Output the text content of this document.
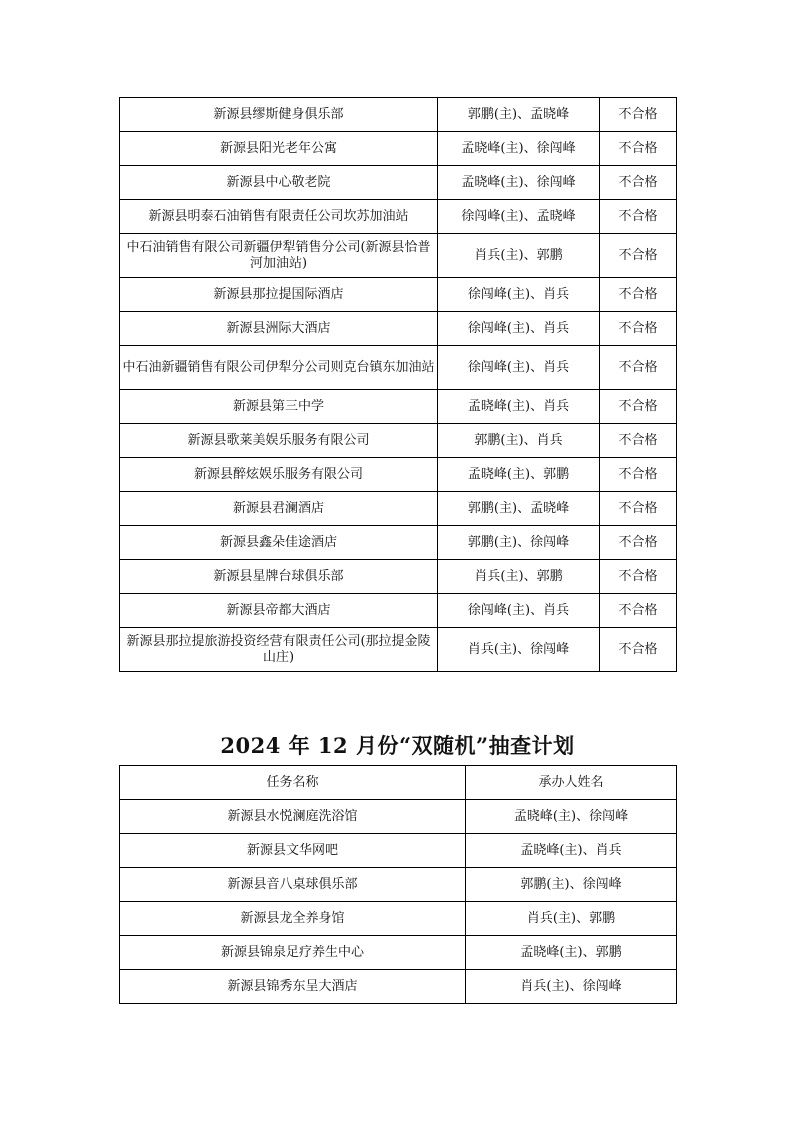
新源县缪斯健身俱乐部	郭鹏(主)、孟晓峰	不合格
新源县阳光老年公寓	孟晓峰(主)、徐闯峰	不合格
新源县中心敬老院	孟晓峰(主)、徐闯峰	不合格
新源县明泰石油销售有限责任公司坎苏加油站	徐闯峰(主)、孟晓峰	不合格
中石油销售有限公司新疆伊犁销售分公司(新源县恰普河加油站)	肖兵(主)、郭鹏	不合格
新源县那拉提国际酒店	徐闯峰(主)、肖兵	不合格
新源县洲际大酒店	徐闯峰(主)、肖兵	不合格
中石油新疆销售有限公司伊犁分公司则克台镇东加油站	徐闯峰(主)、肖兵	不合格
新源县第三中学	孟晓峰(主)、肖兵	不合格
新源县歌莱美娱乐服务有限公司	郭鹏(主)、肖兵	不合格
新源县醉炫娱乐服务有限公司	孟晓峰(主)、郭鹏	不合格
新源县君澜酒店	郭鹏(主)、孟晓峰	不合格
新源县鑫朵佳途酒店	郭鹏(主)、徐闯峰	不合格
新源县星牌台球俱乐部	肖兵(主)、郭鹏	不合格
新源县帝都大酒店	徐闯峰(主)、肖兵	不合格
新源县那拉提旅游投资经营有限责任公司(那拉提金陵山庄)	肖兵(主)、徐闯峰	不合格
2024 年 12 月份“双随机”抽查计划
任务名称	承办人姓名
新源县水悦澜庭洗浴馆	孟晓峰(主)、徐闯峰
新源县文华网吧	孟晓峰(主)、肖兵
新源县音八桌球俱乐部	郭鹏(主)、徐闯峰
新源县龙全养身馆	肖兵(主)、郭鹏
新源县锦泉足疗养生中心	孟晓峰(主)、郭鹏
新源县锦秀东呈大酒店	肖兵(主)、徐闯峰
